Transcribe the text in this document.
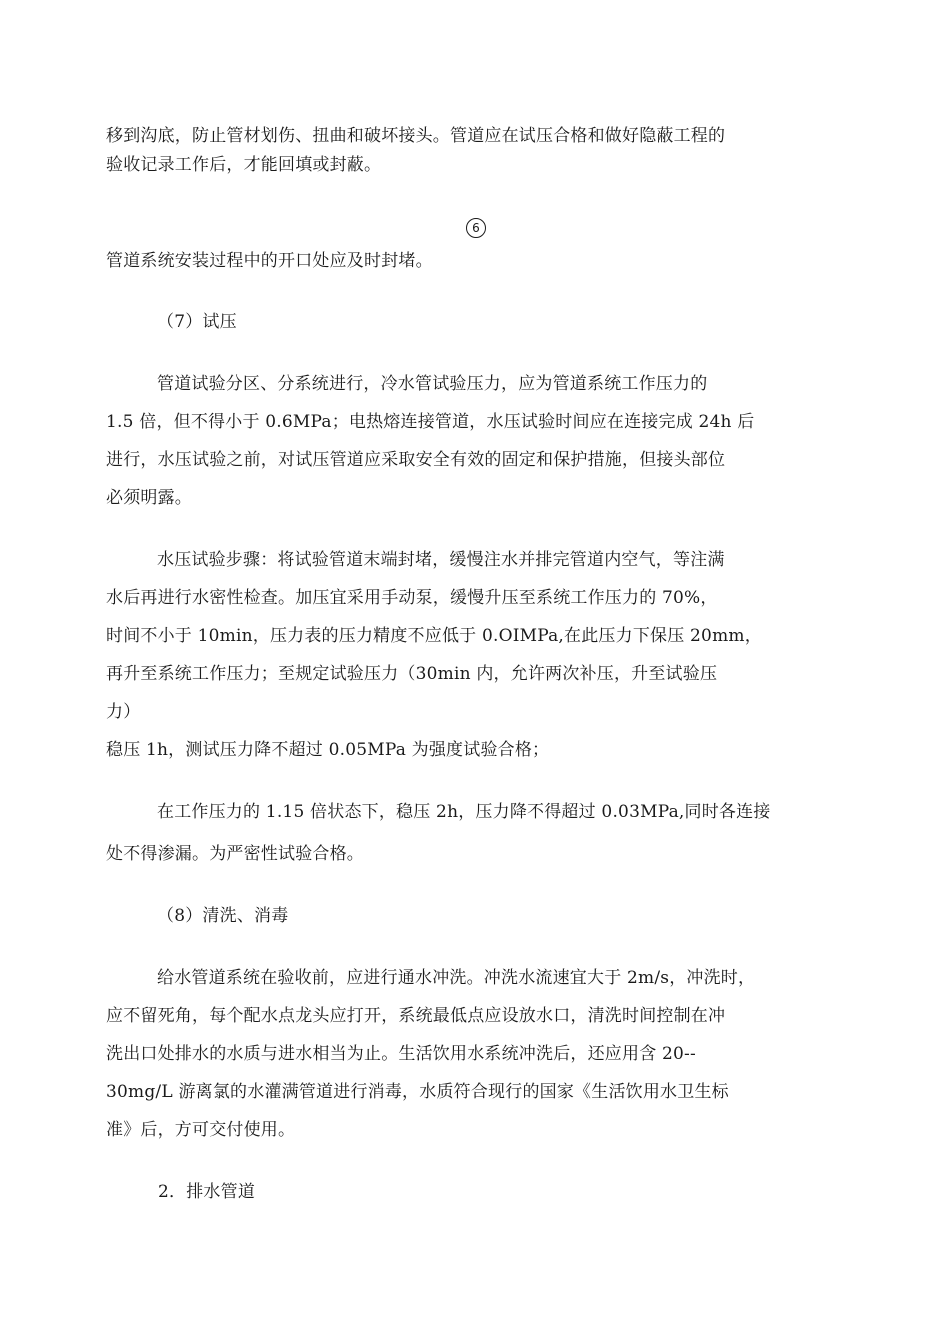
移到沟底，防止管材划伤、扭曲和破坏接头。管道应在试压合格和做好隐蔽工程的
验收记录工作后，才能回填或封蔽。
6
管道系统安装过程中的开口处应及时封堵。
（7）试压
管道试验分区、分系统进行，冷水管试验压力，应为管道系统工作压力的
1.5 倍，但不得小于 0.6MPa；电热熔连接管道，水压试验时间应在连接完成 24h 后
进行，水压试验之前，对试压管道应采取安全有效的固定和保护措施，但接头部位
必须明露。
水压试验步骤：将试验管道末端封堵，缓慢注水并排完管道内空气，等注满
水后再进行水密性检查。加压宜采用手动泵，缓慢升压至系统工作压力的 70%，
时间不小于 10min，压力表的压力精度不应低于 0.OIMPa,在此压力下保压 20mm，
再升至系统工作压力；至规定试验压力（30min 内，允许两次补压，升至试验压
力）
稳压 1h，测试压力降不超过 0.05MPa 为强度试验合格；
在工作压力的 1.15 倍状态下，稳压 2h，压力降不得超过 0.03MPa,同时各连接
处不得渗漏。为严密性试验合格。
（8）清洗、消毒
给水管道系统在验收前，应进行通水冲洗。冲洗水流速宜大于 2m/s，冲洗时，
应不留死角，每个配水点龙头应打开，系统最低点应设放水口，清洗时间控制在冲
洗出口处排水的水质与进水相当为止。生活饮用水系统冲洗后，还应用含 20--
30mg/L 游离氯的水灌满管道进行消毒，水质符合现行的国家《生活饮用水卫生标
准》后，方可交付使用。
2．排水管道
